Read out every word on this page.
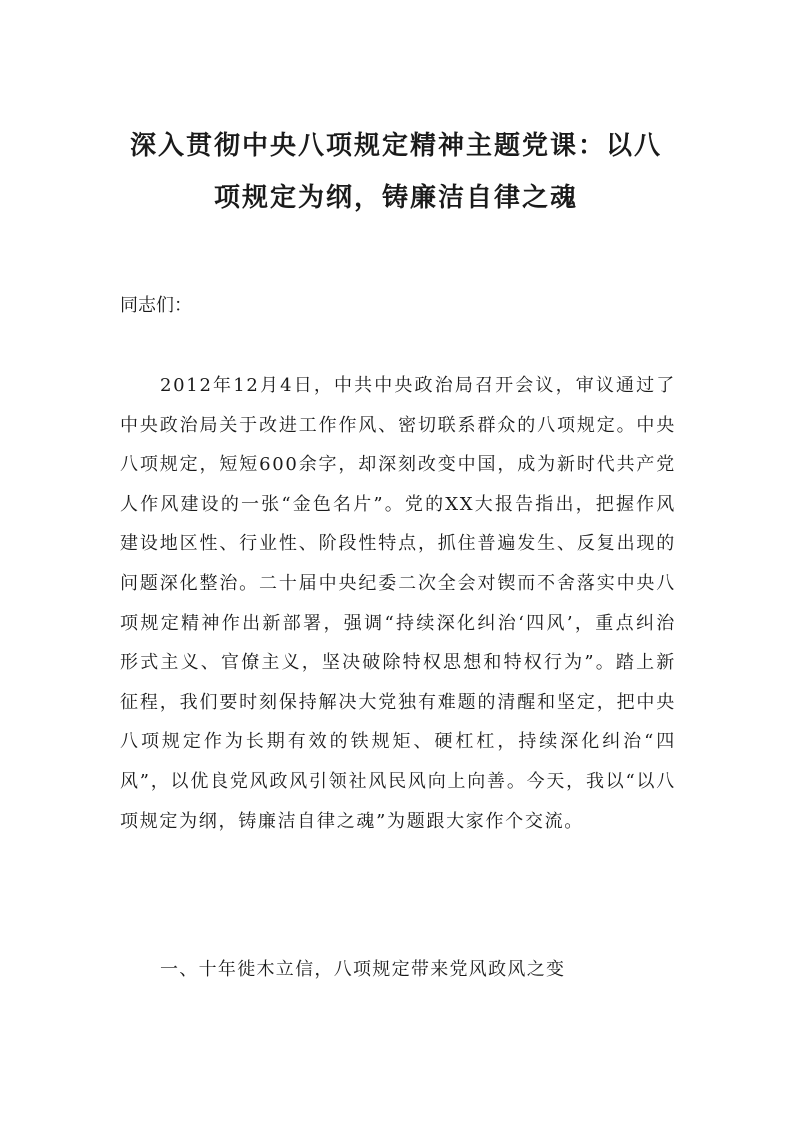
深入贯彻中央八项规定精神主题党课：以八项规定为纲，铸廉洁自律之魂

同志们：

2012年12月4日，中共中央政治局召开会议，审议通过了中央政治局关于改进工作作风、密切联系群众的八项规定。中央八项规定，短短600余字，却深刻改变中国，成为新时代共产党人作风建设的一张“金色名片”。党的XX大报告指出，把握作风建设地区性、行业性、阶段性特点，抓住普遍发生、反复出现的问题深化整治。二十届中央纪委二次全会对锲而不舍落实中央八项规定精神作出新部署，强调“持续深化纠治‘四风’，重点纠治形式主义、官僚主义，坚决破除特权思想和特权行为”。踏上新征程，我们要时刻保持解决大党独有难题的清醒和坚定，把中央八项规定作为长期有效的铁规矩、硬杠杠，持续深化纠治“四风”，以优良党风政风引领社风民风向上向善。今天，我以“以八项规定为纲，铸廉洁自律之魂”为题跟大家作个交流。

一、十年徙木立信，八项规定带来党风政风之变
